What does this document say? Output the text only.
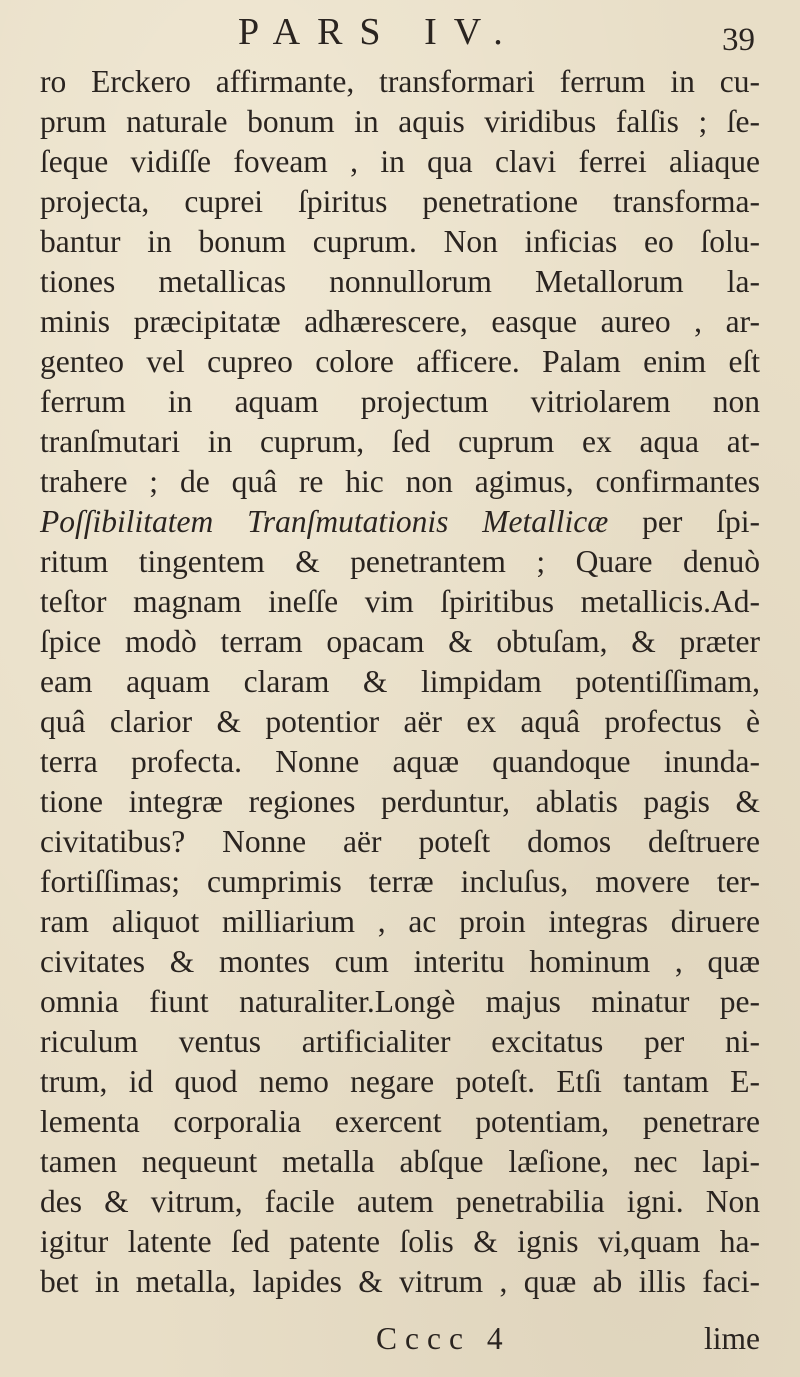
PARS IV.	39
ro Erckero affirmante, transformari ferrum in cu-
prum naturale bonum in aquis viridibus falſis ; ſe-
ſeque vidiſſe foveam , in qua clavi ferrei aliaque
projecta, cuprei ſpiritus penetratione transforma-
bantur in bonum cuprum. Non inficias eo ſolu-
tiones metallicas nonnullorum Metallorum la-
minis præcipitatæ adhærescere, easque aureo , ar-
genteo vel cupreo colore afficere. Palam enim eſt
ferrum in aquam projectum vitriolarem non
tranſmutari in cuprum, ſed cuprum ex aqua at-
trahere ; de quâ re hic non agimus, confirmantes
Poſſibilitatem Tranſmutationis Metallicæ per ſpi-
ritum tingentem & penetrantem ; Quare denuò
teſtor magnam ineſſe vim ſpiritibus metallicis.Ad-
ſpice modò terram opacam & obtuſam, & præter
eam aquam claram & limpidam potentiſſimam,
quâ clarior & potentior aër ex aquâ profectus è
terra profecta. Nonne aquæ quandoque inunda-
tione integræ regiones perduntur, ablatis pagis &
civitatibus? Nonne aër poteſt domos deſtruere
fortiſſimas; cumprimis terræ incluſus, movere ter-
ram aliquot milliarium , ac proin integras diruere
civitates & montes cum interitu hominum , quæ
omnia fiunt naturaliter.Longè majus minatur pe-
riculum ventus artificialiter excitatus per ni-
trum, id quod nemo negare poteſt. Etſi tantam E-
lementa corporalia exercent potentiam, penetrare
tamen nequeunt metalla abſque læſione, nec lapi-
des & vitrum, facile autem penetrabilia igni. Non
igitur latente ſed patente ſolis & ignis vi,quam ha-
bet in metalla, lapides & vitrum , quæ ab illis faci-
Cccc 4	lime
